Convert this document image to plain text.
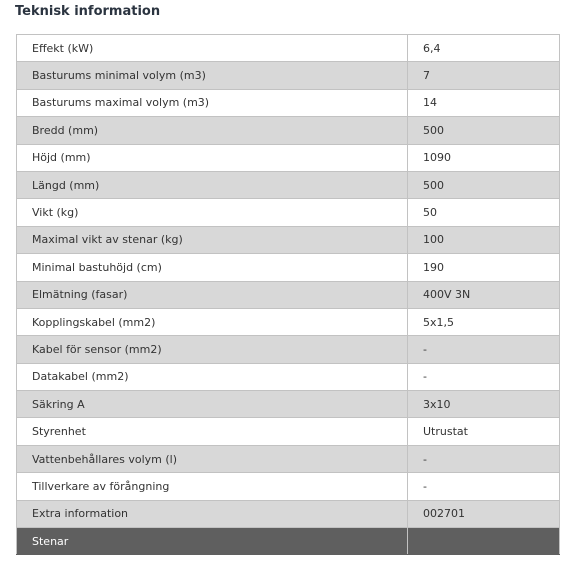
Teknisk information
Effekt (kW)	6,4
Basturums minimal volym (m3)	7
Basturums maximal volym (m3)	14
Bredd (mm)	500
Höjd (mm)	1090
Längd (mm)	500
Vikt (kg)	50
Maximal vikt av stenar (kg)	100
Minimal bastuhöjd (cm)	190
Elmätning (fasar)	400V 3N
Kopplingskabel (mm2)	5x1,5
Kabel för sensor (mm2)	-
Datakabel (mm2)	-
Säkring A	3x10
Styrenhet	Utrustat
Vattenbehållares volym (l)	-
Tillverkare av förångning	-
Extra information	002701
Stenar	
